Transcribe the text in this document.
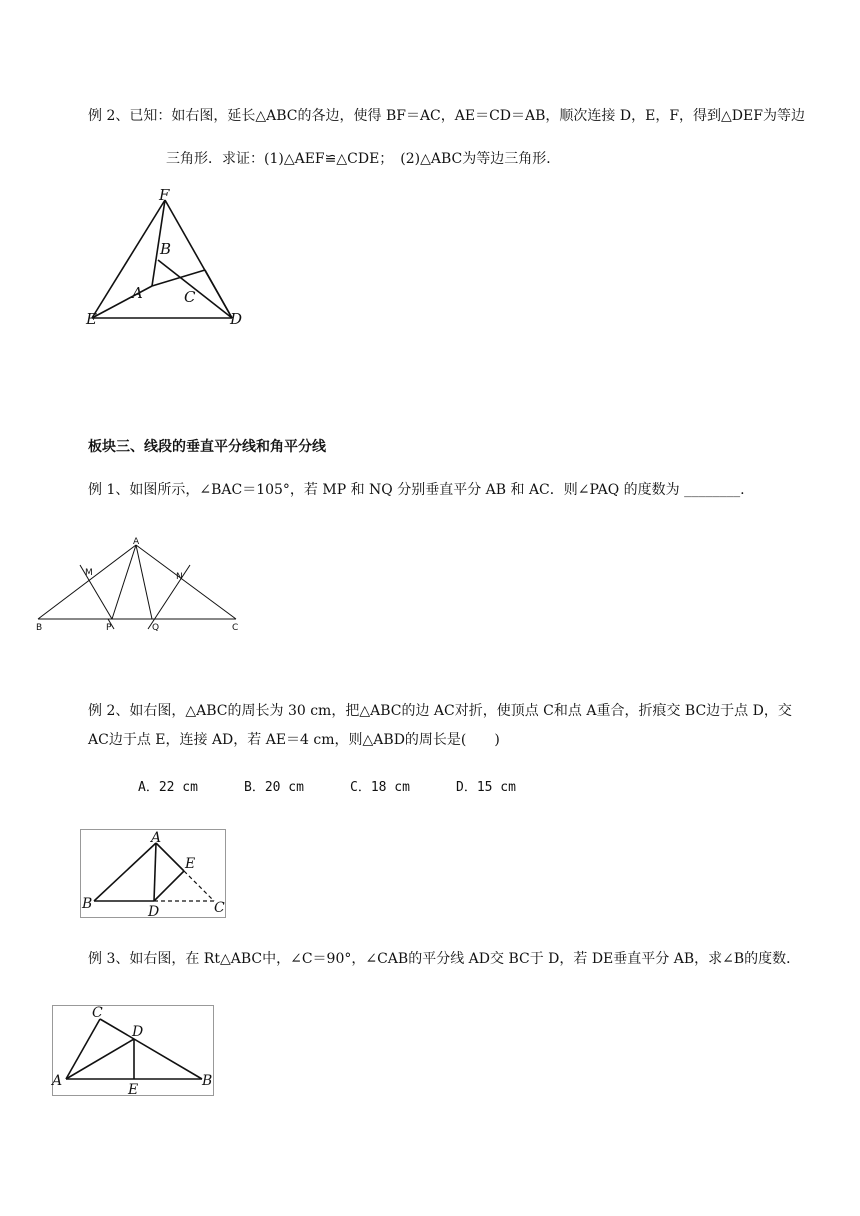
例 2、已知：如右图，延长△ABC的各边，使得 BF＝AC，AE＝CD＝AB，顺次连接 D，E，F，得到△DEF为等边
三角形．求证：(1)△AEF≌△CDE；　(2)△ABC为等边三角形．
F
B
A	C
E	D
板块三、线段的垂直平分线和角平分线
例 1、如图所示，∠BAC＝105°，若 MP 和 NQ 分别垂直平分 AB 和 AC．则∠PAQ 的度数为 ________.
A
M	N
B	P	Q	C
例 2、如右图，△ABC的周长为 30 cm，把△ABC的边 AC对折，使顶点 C和点 A重合，折痕交 BC边于点 D，交
AC边于点 E，连接 AD，若 AE＝4 cm，则△ABD的周长是(　　)
A．22 cm	B．20 cm	C．18 cm	D．15 cm
A
E
B	D	C
例 3、如右图，在 Rt△ABC中，∠C＝90°，∠CAB的平分线 AD交 BC于 D，若 DE垂直平分 AB，求∠B的度数．
C
D
A
E
B
